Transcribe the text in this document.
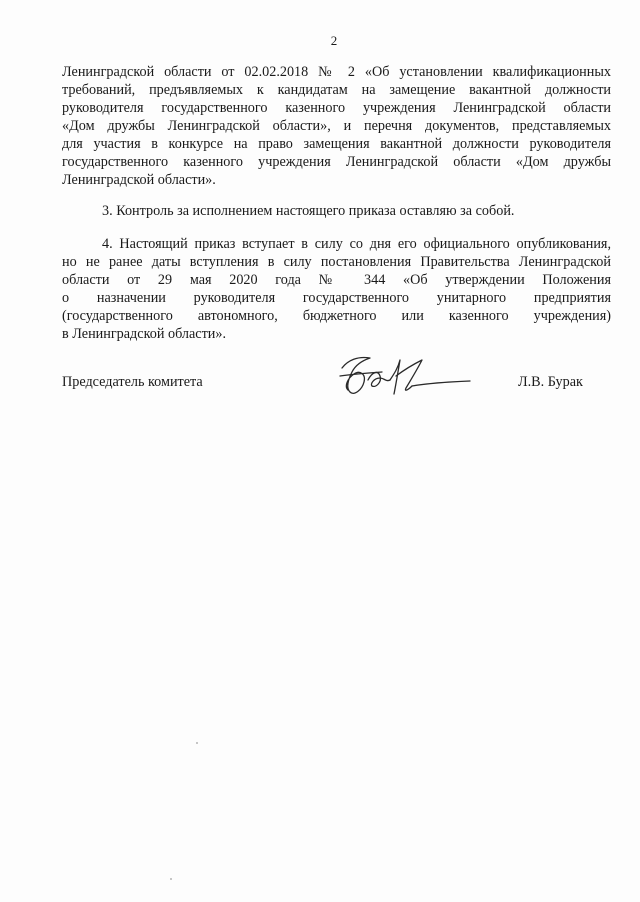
2
Ленинградской области от 02.02.2018 № 2 «Об установлении квалификационных
требований, предъявляемых к кандидатам на замещение вакантной должности
руководителя государственного казенного учреждения Ленинградской области
«Дом дружбы Ленинградской области», и перечня документов, представляемых
для участия в конкурсе на право замещения вакантной должности руководителя
государственного казенного учреждения Ленинградской области «Дом дружбы
Ленинградской области».
3. Контроль за исполнением настоящего приказа оставляю за собой.
4. Настоящий приказ вступает в силу со дня его официального опубликования,
но не ранее даты вступления в силу постановления Правительства Ленинградской
области от 29 мая 2020 года № 344 «Об утверждении Положения
о назначении руководителя государственного унитарного предприятия
(государственного автономного, бюджетного или казенного учреждения)
в Ленинградской области».
Председатель комитета	Л.В. Бурак
